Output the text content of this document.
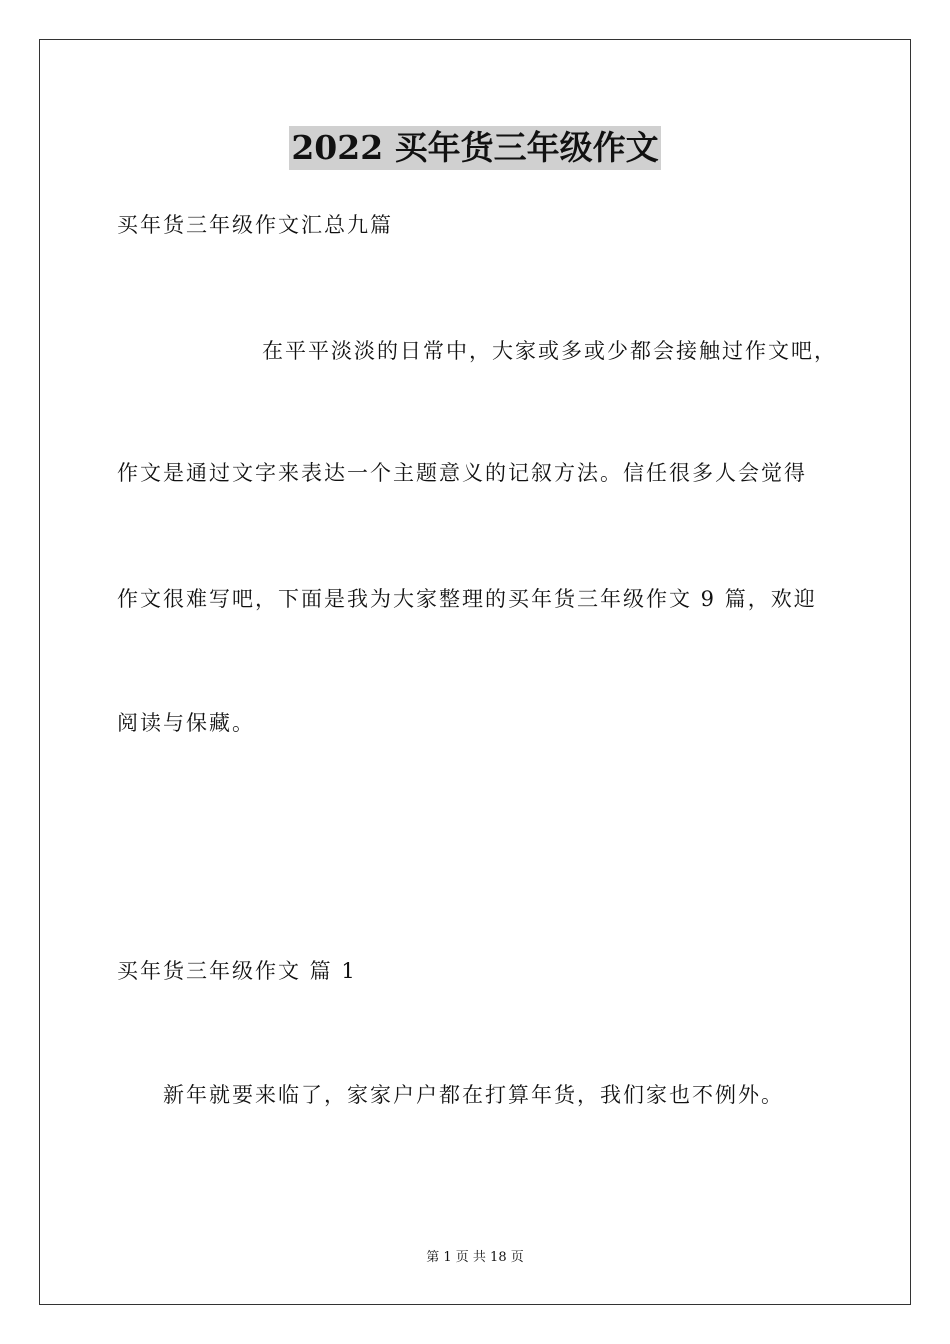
2022 买年货三年级作文
买年货三年级作文汇总九篇
在平平淡淡的日常中，大家或多或少都会接触过作文吧，
作文是通过文字来表达一个主题意义的记叙方法。信任很多人会觉得
作文很难写吧，下面是我为大家整理的买年货三年级作文 9 篇，欢迎
阅读与保藏。
买年货三年级作文 篇 1
新年就要来临了，家家户户都在打算年货，我们家也不例外。
第 1 页 共 18 页
